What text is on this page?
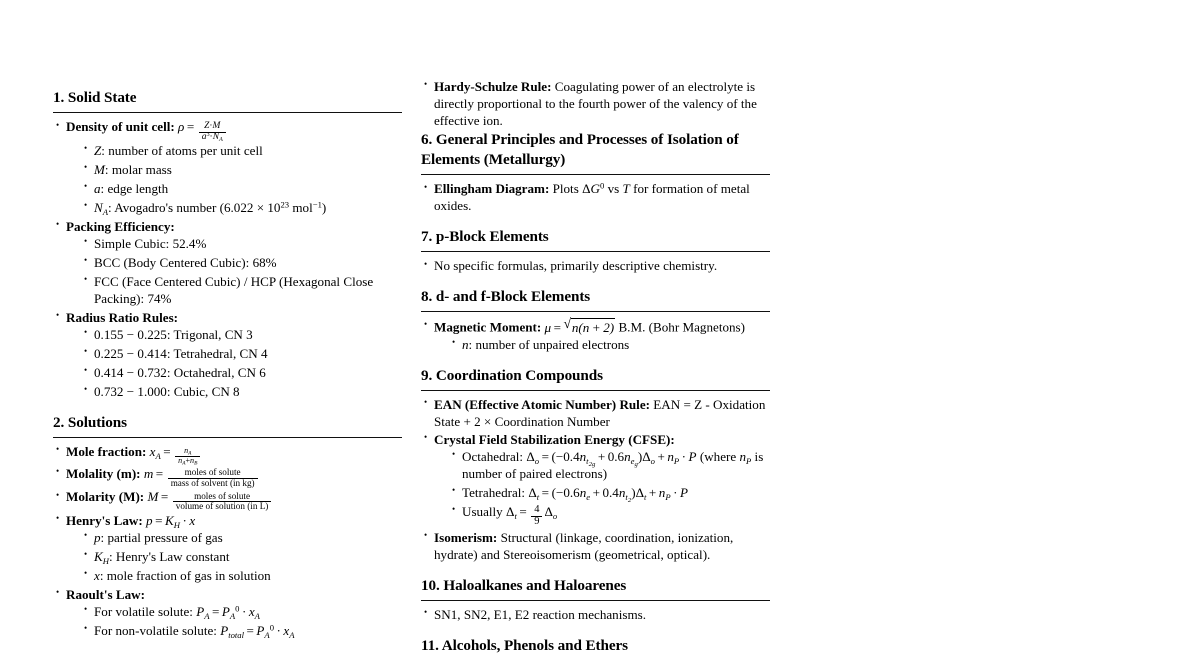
1. Solid State
• Density of unit cell: $\rho = \frac{Z\cdot M}{a^3\cdot N_A}$
• Z: number of atoms per unit cell
• M: molar mass
• a: edge length
• $N_A$: Avogadro's number ($6.022 \times 10^{23}$ mol$^{-1}$)
• Packing Efficiency:
• Simple Cubic: 52.4%
• BCC (Body Centered Cubic): 68%
• FCC (Face Centered Cubic) / HCP (Hexagonal Close Packing): 74%
• Radius Ratio Rules:
• 0.155 − 0.225: Trigonal, CN 3
• 0.225 − 0.414: Tetrahedral, CN 4
• 0.414 − 0.732: Octahedral, CN 6
• 0.732 − 1.000: Cubic, CN 8
2. Solutions
• Mole fraction: $x_A = \frac{n_A}{n_A+n_B}$
• Molality (m): $m = \frac{\text{moles of solute}}{\text{mass of solvent (in kg)}}$
• Molarity (M): $M = \frac{\text{moles of solute}}{\text{volume of solution (in L)}}$
• Henry's Law: $p = K_H \cdot x$
• p: partial pressure of gas
• $K_H$: Henry's Law constant
• x: mole fraction of gas in solution
• Raoult's Law:
• For volatile solute: $P_A = P_A^0 \cdot x_A$
• For non-volatile solute: $P_{total} = P_A^0 \cdot x_A$
• Hardy-Schulze Rule: Coagulating power of an electrolyte is directly proportional to the fourth power of the valency of the effective ion.
6. General Principles and Processes of Isolation of Elements (Metallurgy)
• Ellingham Diagram: Plots $\Delta G^0$ vs T for formation of metal oxides.
7. p-Block Elements
• No specific formulas, primarily descriptive chemistry.
8. d- and f-Block Elements
• Magnetic Moment: μ = √ n(n + 2) B.M. (Bohr Magnetons)
• n: number of unpaired electrons
9. Coordination Compounds
• EAN (Effective Atomic Number) Rule: EAN = Z - Oxidation State + 2 × Coordination Number
• Crystal Field Stabilization Energy (CFSE):
• Octahedral: $\Delta_o = (-0.4n_{t_{2g}}+ 0.6n_{e_g})\Delta_o + n_P \cdot P$ (where $n_P$ is number of paired electrons)
• Tetrahedral: $\Delta_t = (-0.6n_e + 0.4n_{t_2})\Delta_t + n_P \cdot P$
• Usually $\Delta_t = \frac{4}{9} \Delta_o$
• Isomerism: Structural (linkage, coordination, ionization, hydrate) and Stereoisomerism (geometrical, optical).
10. Haloalkanes and Haloarenes
• SN1, SN2, E1, E2 reaction mechanisms.
11. Alcohols, Phenols and Ethers
